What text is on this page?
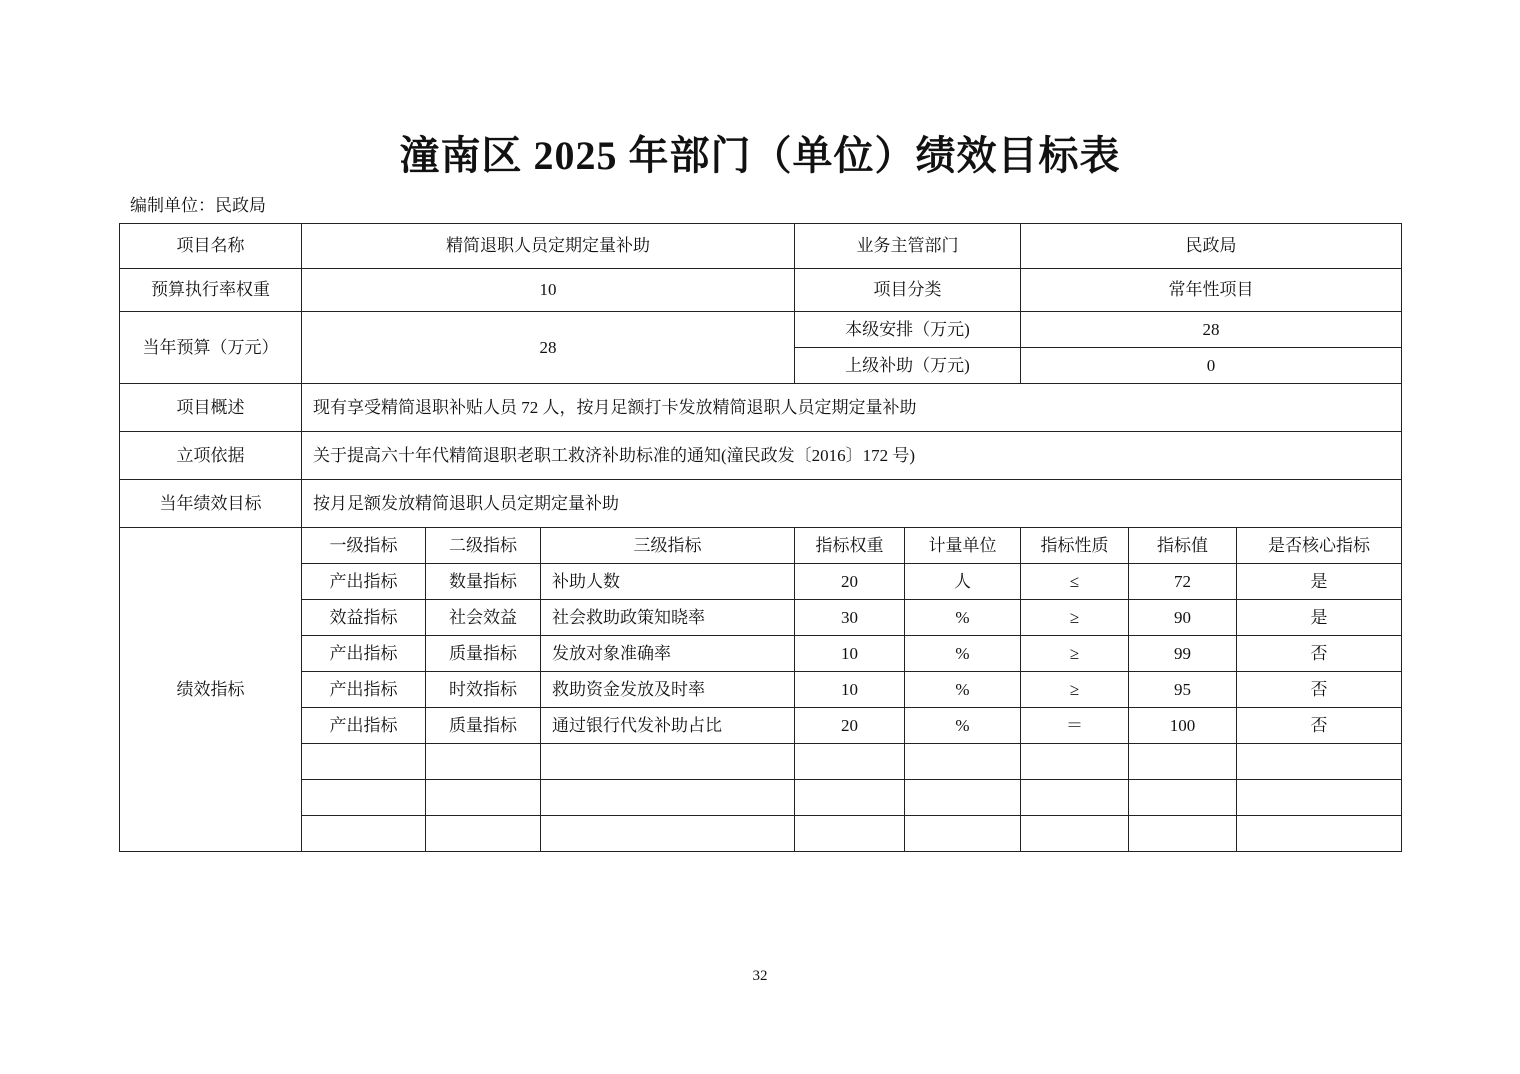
潼南区 2025 年部门（单位）绩效目标表
编制单位：民政局
项目名称	精简退职人员定期定量补助			业务主管部门		民政局		
预算执行率权重	10			项目分类		常年性项目		
当年预算（万元）	28			本级安排（万元)		28		
				上级补助（万元)		0		
项目概述	现有享受精简退职补贴人员 72 人，按月足额打卡发放精简退职人员定期定量补助							
立项依据	关于提高六十年代精简退职老职工救济补助标准的通知(潼民政发〔2016〕172 号)							
当年绩效目标	按月足额发放精简退职人员定期定量补助							
绩效指标	一级指标	二级指标	三级指标	指标权重	计量单位	指标性质	指标值	是否核心指标
	产出指标	数量指标	补助人数	20	人	≤	72	是
	效益指标	社会效益	社会救助政策知晓率	30	%	≥	90	是
	产出指标	质量指标	发放对象准确率	10	%	≥	99	否
	产出指标	时效指标	救助资金发放及时率	10	%	≥	95	否
	产出指标	质量指标	通过银行代发补助占比	20	%	＝	100	否

32
